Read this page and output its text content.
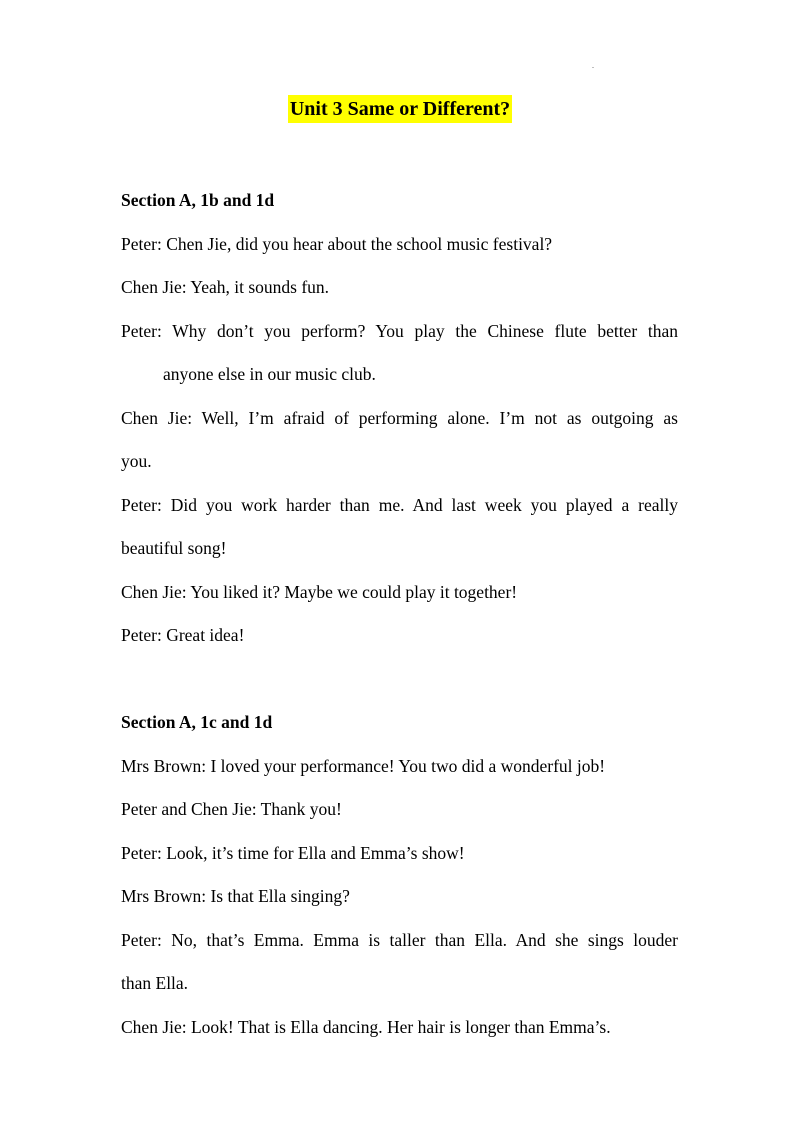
.
Unit 3 Same or Different?

Section A, 1b and 1d

Peter: Chen Jie, did you hear about the school music festival?

Chen Jie: Yeah, it sounds fun.

Peter: Why don’t you perform? You play the Chinese flute better than

anyone else in our music club.

Chen Jie: Well, I’m afraid of performing alone. I’m not as outgoing as

you.

Peter: Did you work harder than me. And last week you played a really

beautiful song!

Chen Jie: You liked it? Maybe we could play it together!

Peter: Great idea!

Section A, 1c and 1d

Mrs Brown: I loved your performance! You two did a wonderful job!

Peter and Chen Jie: Thank you!

Peter: Look, it’s time for Ella and Emma’s show!

Mrs Brown: Is that Ella singing?

Peter: No, that’s Emma. Emma is taller than Ella. And she sings louder

than Ella.

Chen Jie: Look! That is Ella dancing. Her hair is longer than Emma’s.
